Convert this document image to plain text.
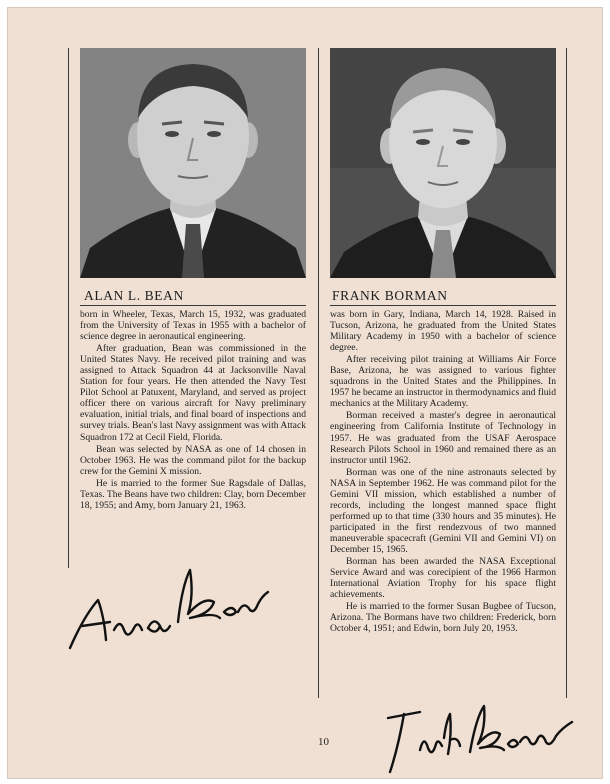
ALAN L. BEAN	FRANK BORMAN

born in Wheeler, Texas, March 15, 1932, was graduated from the University of Texas in 1955 with a bachelor of science degree in aeronautical engineering.

After graduation, Bean was commissioned in the United States Navy. He received pilot training and was assigned to Attack Squadron 44 at Jacksonville Naval Station for four years. He then attended the Navy Test Pilot School at Patuxent, Maryland, and served as project officer there on various aircraft for Navy preliminary evaluation, initial trials, and final board of inspections and survey trials. Bean's last Navy assignment was with Attack Squadron 172 at Cecil Field, Florida.

Bean was selected by NASA as one of 14 chosen in October 1963. He was the command pilot for the backup crew for the Gemini X mission.

He is married to the former Sue Ragsdale of Dallas, Texas. The Beans have two children: Clay, born December 18, 1955; and Amy, born January 21, 1963.

was born in Gary, Indiana, March 14, 1928. Raised in Tucson, Arizona, he graduated from the United States Military Academy in 1950 with a bachelor of science degree.

After receiving pilot training at Williams Air Force Base, Arizona, he was assigned to various fighter squadrons in the United States and the Philippines. In 1957 he became an instructor in thermodynamics and fluid mechanics at the Military Academy.

Borman received a master's degree in aeronautical engineering from California Institute of Technology in 1957. He was graduated from the USAF Aerospace Research Pilots School in 1960 and remained there as an instructor until 1962.

Borman was one of the nine astronauts selected by NASA in September 1962. He was command pilot for the Gemini VII mission, which established a number of records, including the longest manned space flight performed up to that time (330 hours and 35 minutes). He participated in the first rendezvous of two manned maneuverable spacecraft (Gemini VII and Gemini VI) on December 15, 1965.

Borman has been awarded the NASA Exceptional Service Award and was corecipient of the 1966 Harmon International Aviation Trophy for his space flight achievements.

He is married to the former Susan Bugbee of Tucson, Arizona. The Bormans have two children: Frederick, born October 4, 1951; and Edwin, born July 20, 1953.

10
